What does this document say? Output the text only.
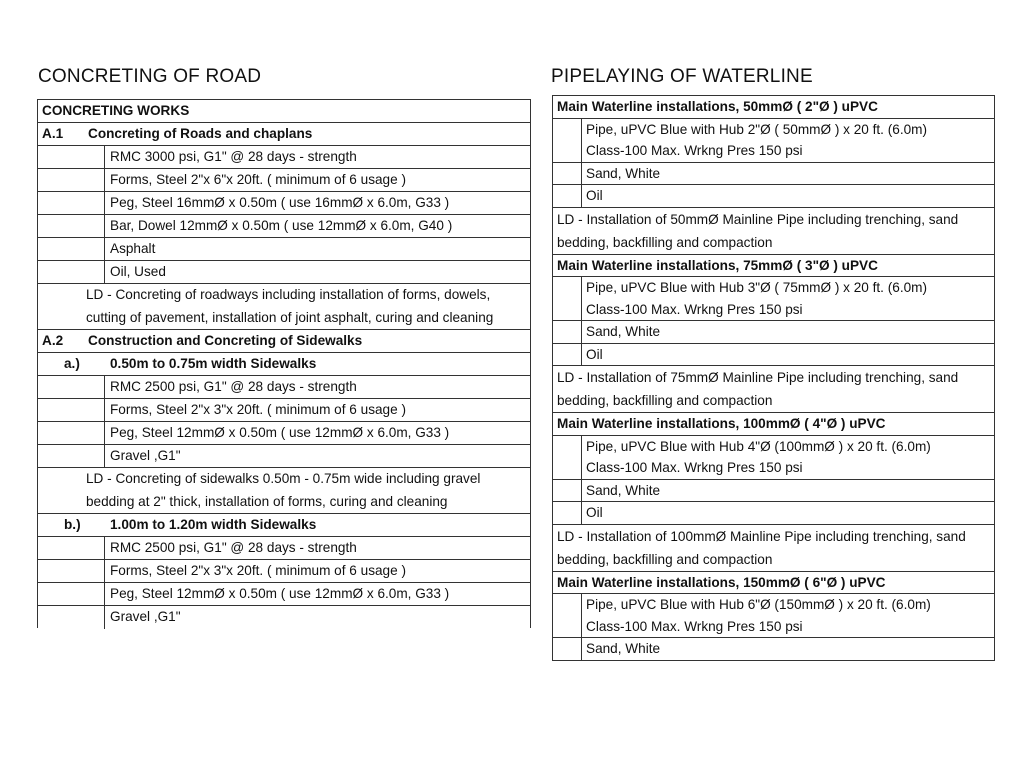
CONCRETING OF ROAD	PIPELAYING OF WATERLINE
CONCRETING WORKS
A.1 Concreting of Roads and chaplans
RMC 3000 psi, G1" @ 28 days - strength
Forms, Steel 2"x 6"x 20ft. ( minimum of 6 usage )
Peg, Steel 16mmØ x 0.50m ( use 16mmØ x 6.0m, G33 )
Bar, Dowel 12mmØ x 0.50m ( use 12mmØ x 6.0m, G40 )
Asphalt
Oil, Used
LD - Concreting of roadways including installation of forms, dowels, cutting of pavement, installation of joint asphalt, curing and cleaning
A.2 Construction and Concreting of Sidewalks
a.) 0.50m to 0.75m width Sidewalks
RMC 2500 psi, G1" @ 28 days - strength
Forms, Steel 2"x 3"x 20ft. ( minimum of 6 usage )
Peg, Steel 12mmØ x 0.50m ( use 12mmØ x 6.0m, G33 )
Gravel ,G1"
LD - Concreting of sidewalks 0.50m - 0.75m wide including gravel bedding at 2" thick, installation of forms, curing and cleaning
b.) 1.00m to 1.20m width Sidewalks
RMC 2500 psi, G1" @ 28 days - strength
Forms, Steel 2"x 3"x 20ft. ( minimum of 6 usage )
Peg, Steel 12mmØ x 0.50m ( use 12mmØ x 6.0m, G33 )
Gravel ,G1"
Main Waterline installations, 50mmØ ( 2"Ø ) uPVC
Pipe, uPVC Blue with Hub 2"Ø ( 50mmØ ) x 20 ft. (6.0m)
Class-100 Max. Wrkng Pres 150 psi
Sand, White
Oil
LD - Installation of 50mmØ Mainline Pipe including trenching, sand bedding, backfilling and compaction
Main Waterline installations, 75mmØ ( 3"Ø ) uPVC
Pipe, uPVC Blue with Hub 3"Ø ( 75mmØ ) x 20 ft. (6.0m)
Class-100 Max. Wrkng Pres 150 psi
Sand, White
Oil
LD - Installation of 75mmØ Mainline Pipe including trenching, sand bedding, backfilling and compaction
Main Waterline installations, 100mmØ ( 4"Ø ) uPVC
Pipe, uPVC Blue with Hub 4"Ø (100mmØ ) x 20 ft. (6.0m)
Class-100 Max. Wrkng Pres 150 psi
Sand, White
Oil
LD - Installation of 100mmØ Mainline Pipe including trenching, sand bedding, backfilling and compaction
Main Waterline installations, 150mmØ ( 6"Ø ) uPVC
Pipe, uPVC Blue with Hub 6"Ø (150mmØ ) x 20 ft. (6.0m)
Class-100 Max. Wrkng Pres 150 psi
Sand, White
